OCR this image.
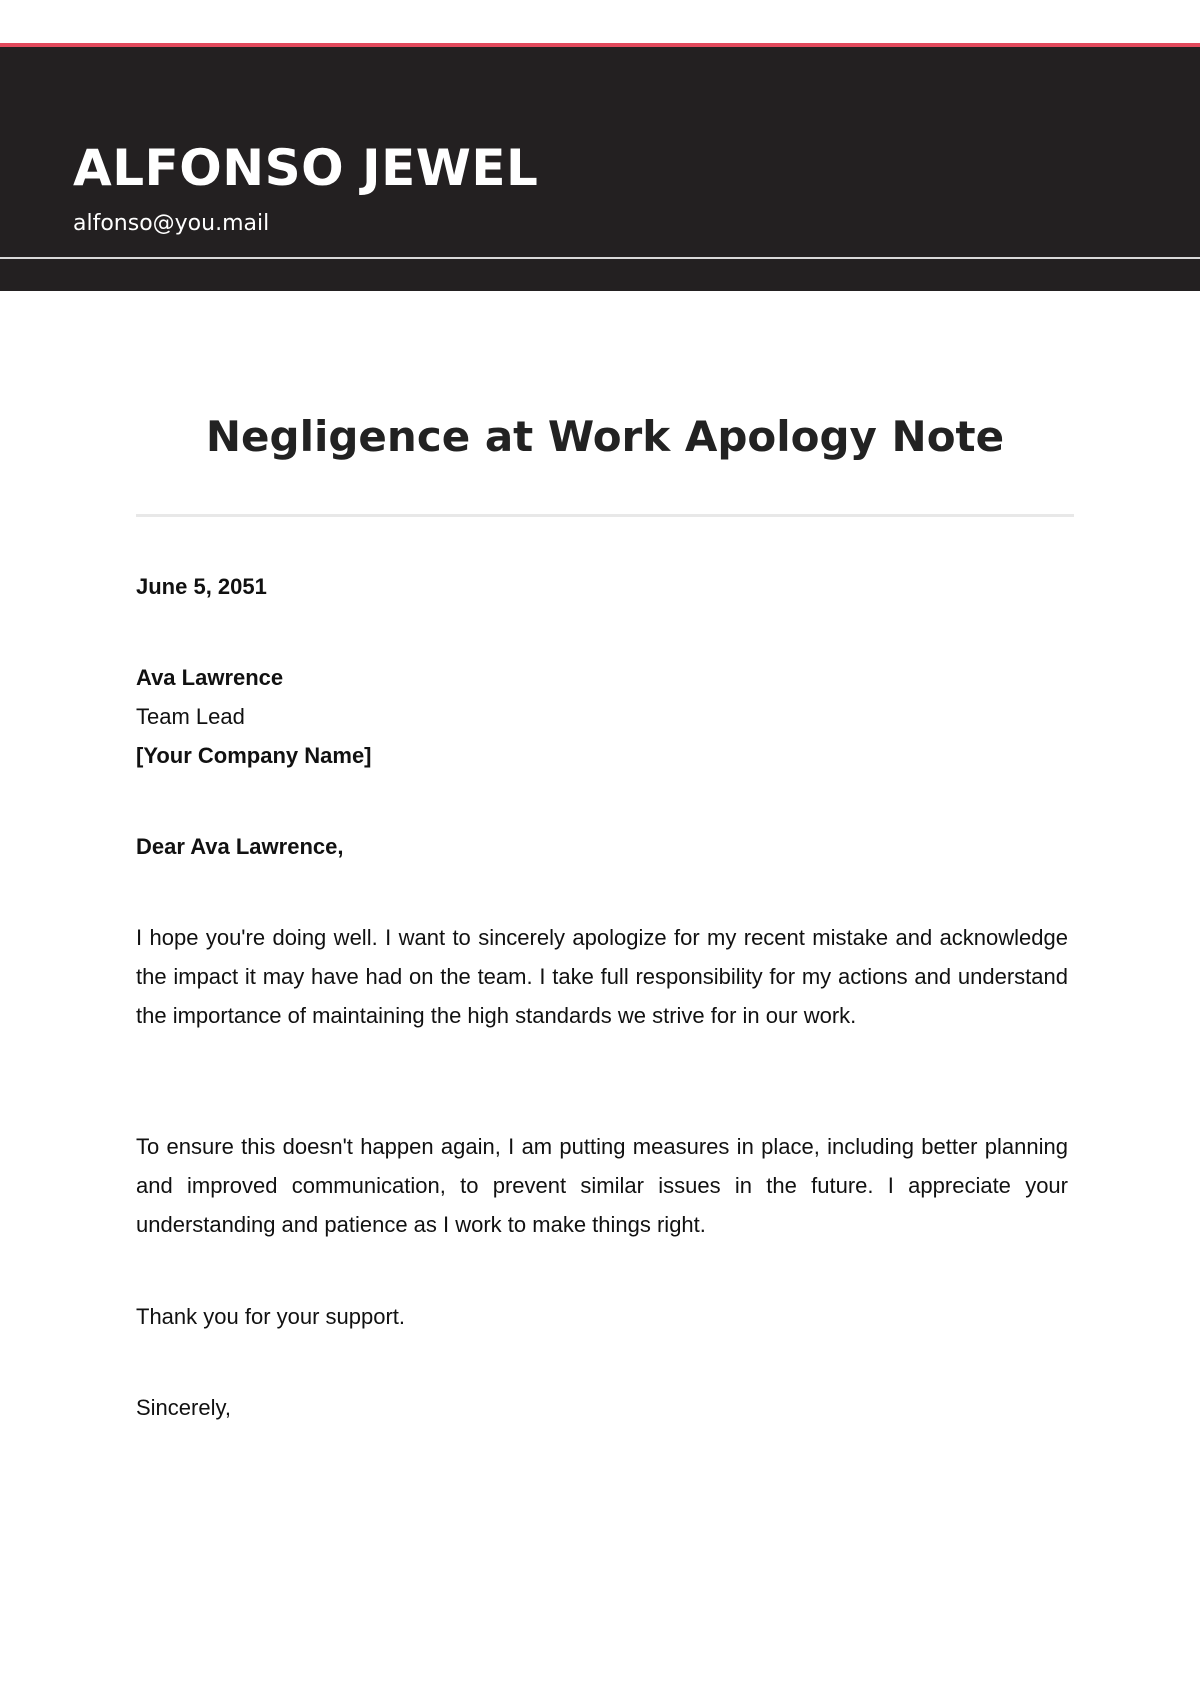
ALFONSO JEWEL
alfonso@you.mail
Negligence at Work Apology Note
June 5, 2051
Ava Lawrence
Team Lead
[Your Company Name]
Dear Ava Lawrence,

I hope you're doing well. I want to sincerely apologize for my recent mistake and acknowledge the impact it may have had on the team. I take full responsibility for my actions and understand the importance of maintaining the high standards we strive for in our work.

To ensure this doesn't happen again, I am putting measures in place, including better planning and improved communication, to prevent similar issues in the future. I appreciate your understanding and patience as I work to make things right.

Thank you for your support.

Sincerely,
